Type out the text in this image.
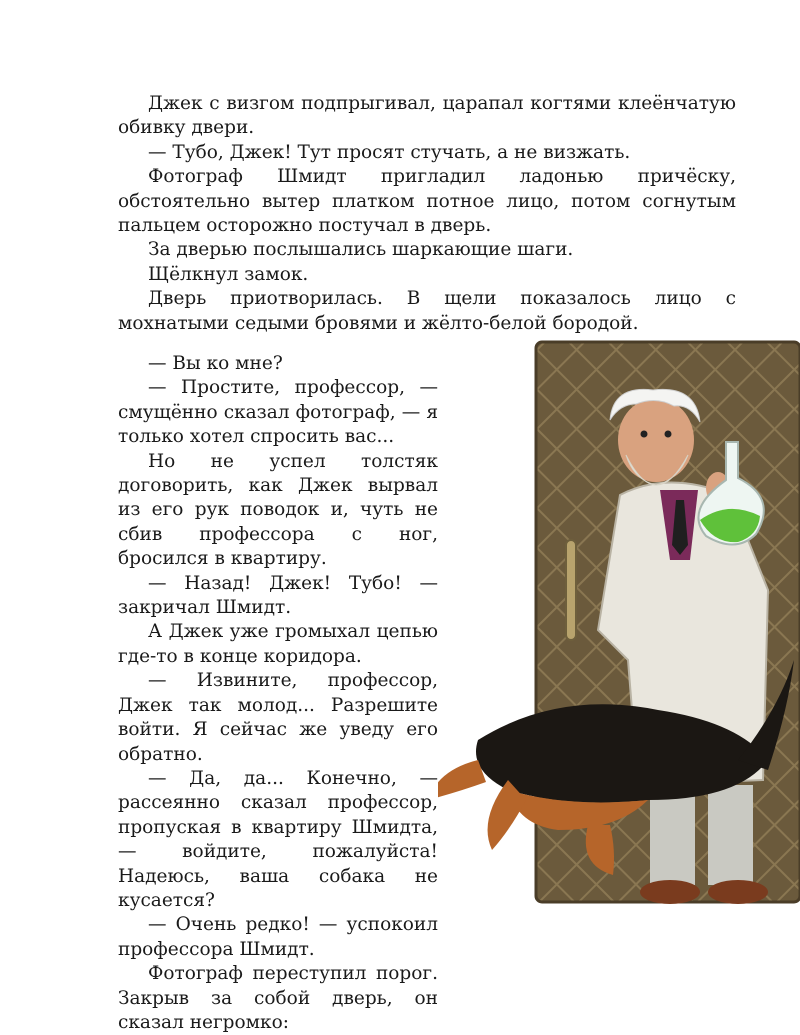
Джек с визгом подпрыгивал, царапал когтями клеёнчатую обивку двери.

— Тубо, Джек! Тут просят стучать, а не визжать.

Фотограф Шмидт пригладил ладонью причёску, обстоятельно вытер платком потное лицо, потом согнутым пальцем осторожно постучал в дверь.

За дверью послышались шаркающие шаги.

Щёлкнул замок.

Дверь приотворилась. В щели показалось лицо с мохнатыми седыми бровями и жёлто-белой бородой.

— Вы ко мне?

— Простите, профессор, — смущённо сказал фотограф, — я только хотел спросить вас...

Но не успел толстяк договорить, как Джек вырвал из его рук поводок и, чуть не сбив профессора с ног, бросился в квартиру.

— Назад! Джек! Тубо! — закричал Шмидт.

А Джек уже громыхал цепью где-то в конце коридора.

— Извините, профессор, Джек так молод... Разрешите войти. Я сейчас же уведу его обратно.

— Да, да... Конечно, — рассеянно сказал профессор, пропуская в квартиру Шмидта, — войдите, пожалуйста! Надеюсь, ваша собака не кусается?

— Очень редко! — успокоил профессора Шмидт.

Фотограф переступил порог. Закрыв за собой дверь, он сказал негромко:
